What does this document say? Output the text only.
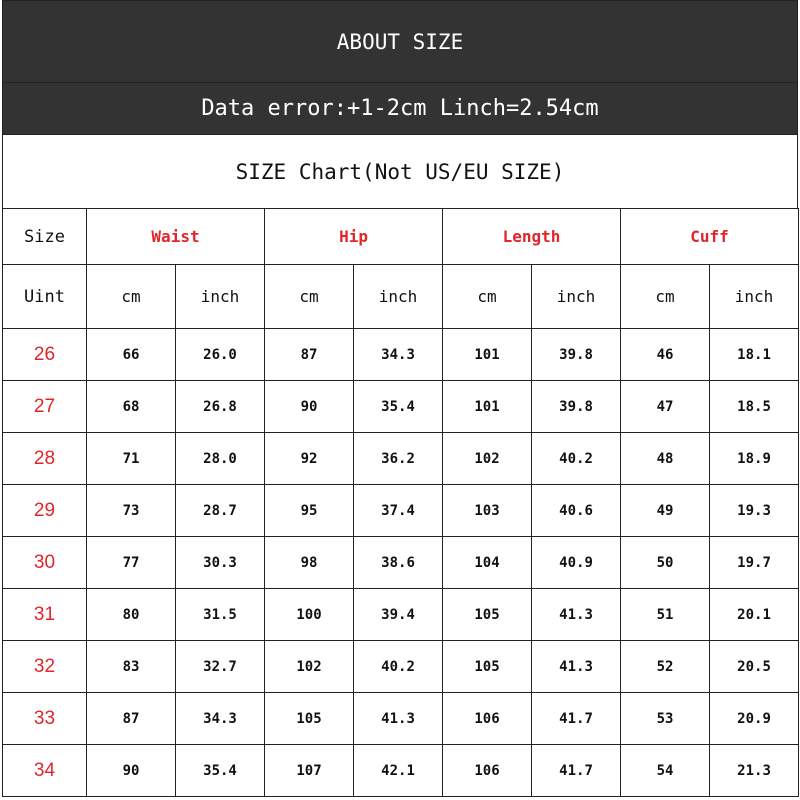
ABOUT SIZE
Data error:+1-2cm Linch=2.54cm
SIZE Chart(Not US/EU SIZE)
Size	Waist		Hip		Length		Cuff	
Uint	cm	inch	cm	inch	cm	inch	cm	inch
26	66	26.0	87	34.3	101	39.8	46	18.1
27	68	26.8	90	35.4	101	39.8	47	18.5
28	71	28.0	92	36.2	102	40.2	48	18.9
29	73	28.7	95	37.4	103	40.6	49	19.3
30	77	30.3	98	38.6	104	40.9	50	19.7
31	80	31.5	100	39.4	105	41.3	51	20.1
32	83	32.7	102	40.2	105	41.3	52	20.5
33	87	34.3	105	41.3	106	41.7	53	20.9
34	90	35.4	107	42.1	106	41.7	54	21.3
